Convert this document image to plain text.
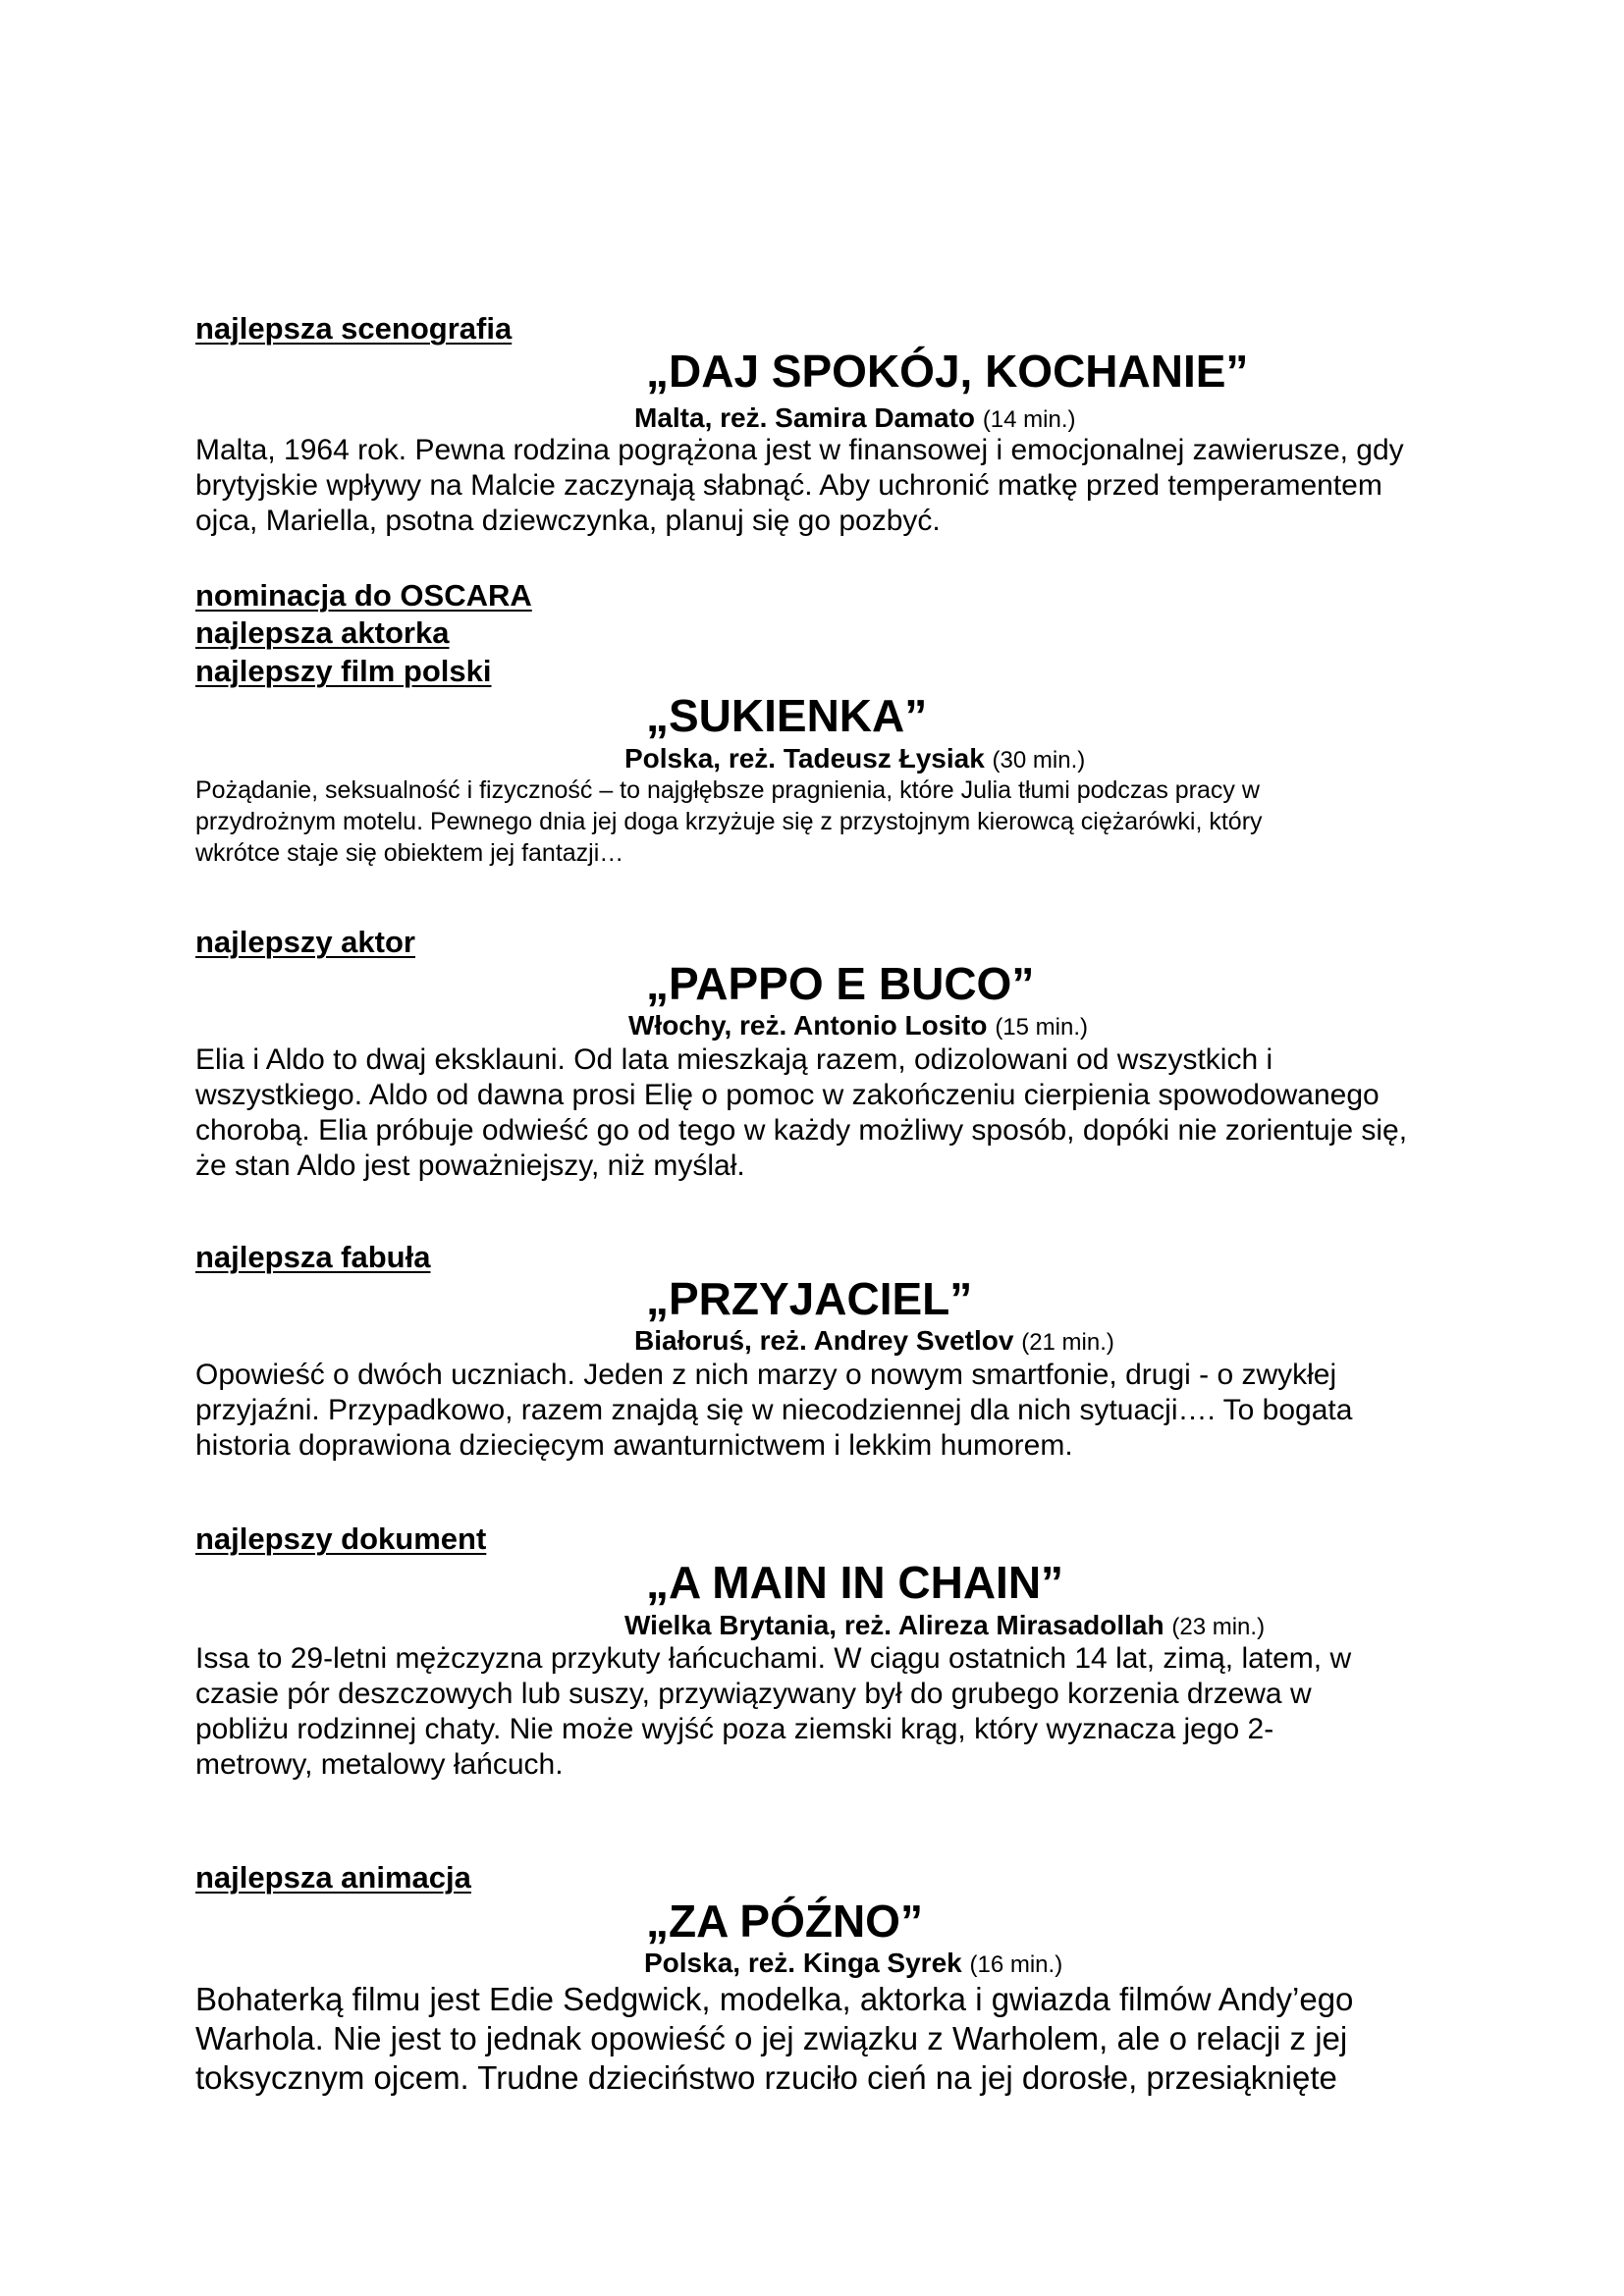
najlepsza scenografia

„DAJ SPOKÓJ, KOCHANIE”

Malta, reż. Samira Damato (14 min.)

Malta, 1964 rok. Pewna rodzina pogrążona jest w finansowej i emocjonalnej zawierusze, gdy
brytyjskie wpływy na Malcie zaczynają słabnąć. Aby uchronić matkę przed temperamentem
ojca, Mariella, psotna dziewczynka, planuj się go pozbyć.

nominacja do OSCARA

najlepsza aktorka

najlepszy film polski

„SUKIENKA”

Polska, reż. Tadeusz Łysiak (30 min.)

Pożądanie, seksualność i fizyczność – to najgłębsze pragnienia, które Julia tłumi podczas pracy w
przydrożnym motelu. Pewnego dnia jej doga krzyżuje się z przystojnym kierowcą ciężarówki, który
wkrótce staje się obiektem jej fantazji…

najlepszy aktor

„PAPPO E BUCO”

Włochy, reż. Antonio Losito (15 min.)

Elia i Aldo to dwaj eksklauni. Od lata mieszkają razem, odizolowani od wszystkich i
wszystkiego. Aldo od dawna prosi Elię o pomoc w zakończeniu cierpienia spowodowanego
chorobą. Elia próbuje odwieść go od tego w każdy możliwy sposób, dopóki nie zorientuje się,
że stan Aldo jest poważniejszy, niż myślał.

najlepsza fabuła

„PRZYJACIEL”

Białoruś, reż. Andrey Svetlov (21 min.)

Opowieść o dwóch uczniach. Jeden z nich marzy o nowym smartfonie, drugi - o zwykłej
przyjaźni. Przypadkowo, razem znajdą się w niecodziennej dla nich sytuacji…. To bogata
historia doprawiona dziecięcym awanturnictwem i lekkim humorem.

najlepszy dokument

„A MAIN IN CHAIN”

Wielka Brytania, reż. Alireza Mirasadollah (23 min.)

Issa to 29-letni mężczyzna przykuty łańcuchami. W ciągu ostatnich 14 lat, zimą, latem, w
czasie pór deszczowych lub suszy, przywiązywany był do grubego korzenia drzewa w
pobliżu rodzinnej chaty. Nie może wyjść poza ziemski krąg, który wyznacza jego 2-
metrowy, metalowy łańcuch.

najlepsza animacja

„ZA PÓŹNO”

Polska, reż. Kinga Syrek (16 min.)

Bohaterką filmu jest Edie Sedgwick, modelka, aktorka i gwiazda filmów Andy’ego
Warhola. Nie jest to jednak opowieść o jej związku z Warholem, ale o relacji z jej
toksycznym ojcem. Trudne dzieciństwo rzuciło cień na jej dorosłe, przesiąknięte
